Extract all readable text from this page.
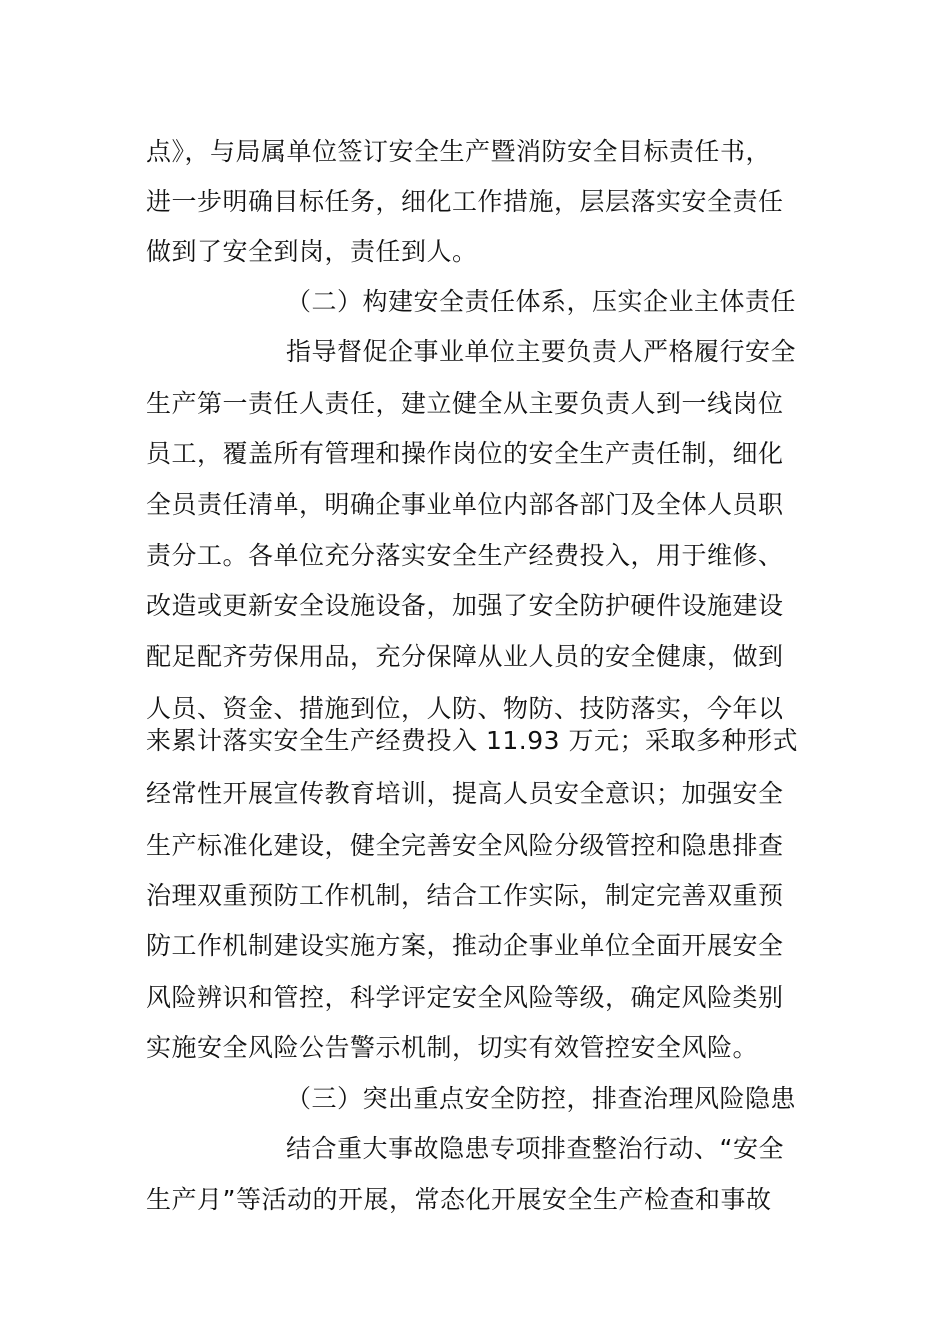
点》，与局属单位签订安全生产暨消防安全目标责任书，
进一步明确目标任务，细化工作措施，层层落实安全责任
做到了安全到岗，责任到人。
（二）构建安全责任体系，压实企业主体责任
指导督促企事业单位主要负责人严格履行安全
生产第一责任人责任，建立健全从主要负责人到一线岗位
员工，覆盖所有管理和操作岗位的安全生产责任制，细化
全员责任清单，明确企事业单位内部各部门及全体人员职
责分工。各单位充分落实安全生产经费投入，用于维修、
改造或更新安全设施设备，加强了安全防护硬件设施建设
配足配齐劳保用品，充分保障从业人员的安全健康，做到
人员、资金、措施到位，人防、物防、技防落实，今年以
来累计落实安全生产经费投入 11.93 万元；采取多种形式
经常性开展宣传教育培训，提高人员安全意识；加强安全
生产标准化建设，健全完善安全风险分级管控和隐患排查
治理双重预防工作机制，结合工作实际，制定完善双重预
防工作机制建设实施方案，推动企事业单位全面开展安全
风险辨识和管控，科学评定安全风险等级，确定风险类别
实施安全风险公告警示机制，切实有效管控安全风险。
（三）突出重点安全防控，排查治理风险隐患
结合重大事故隐患专项排查整治行动、“安全
生产月”等活动的开展，常态化开展安全生产检查和事故
